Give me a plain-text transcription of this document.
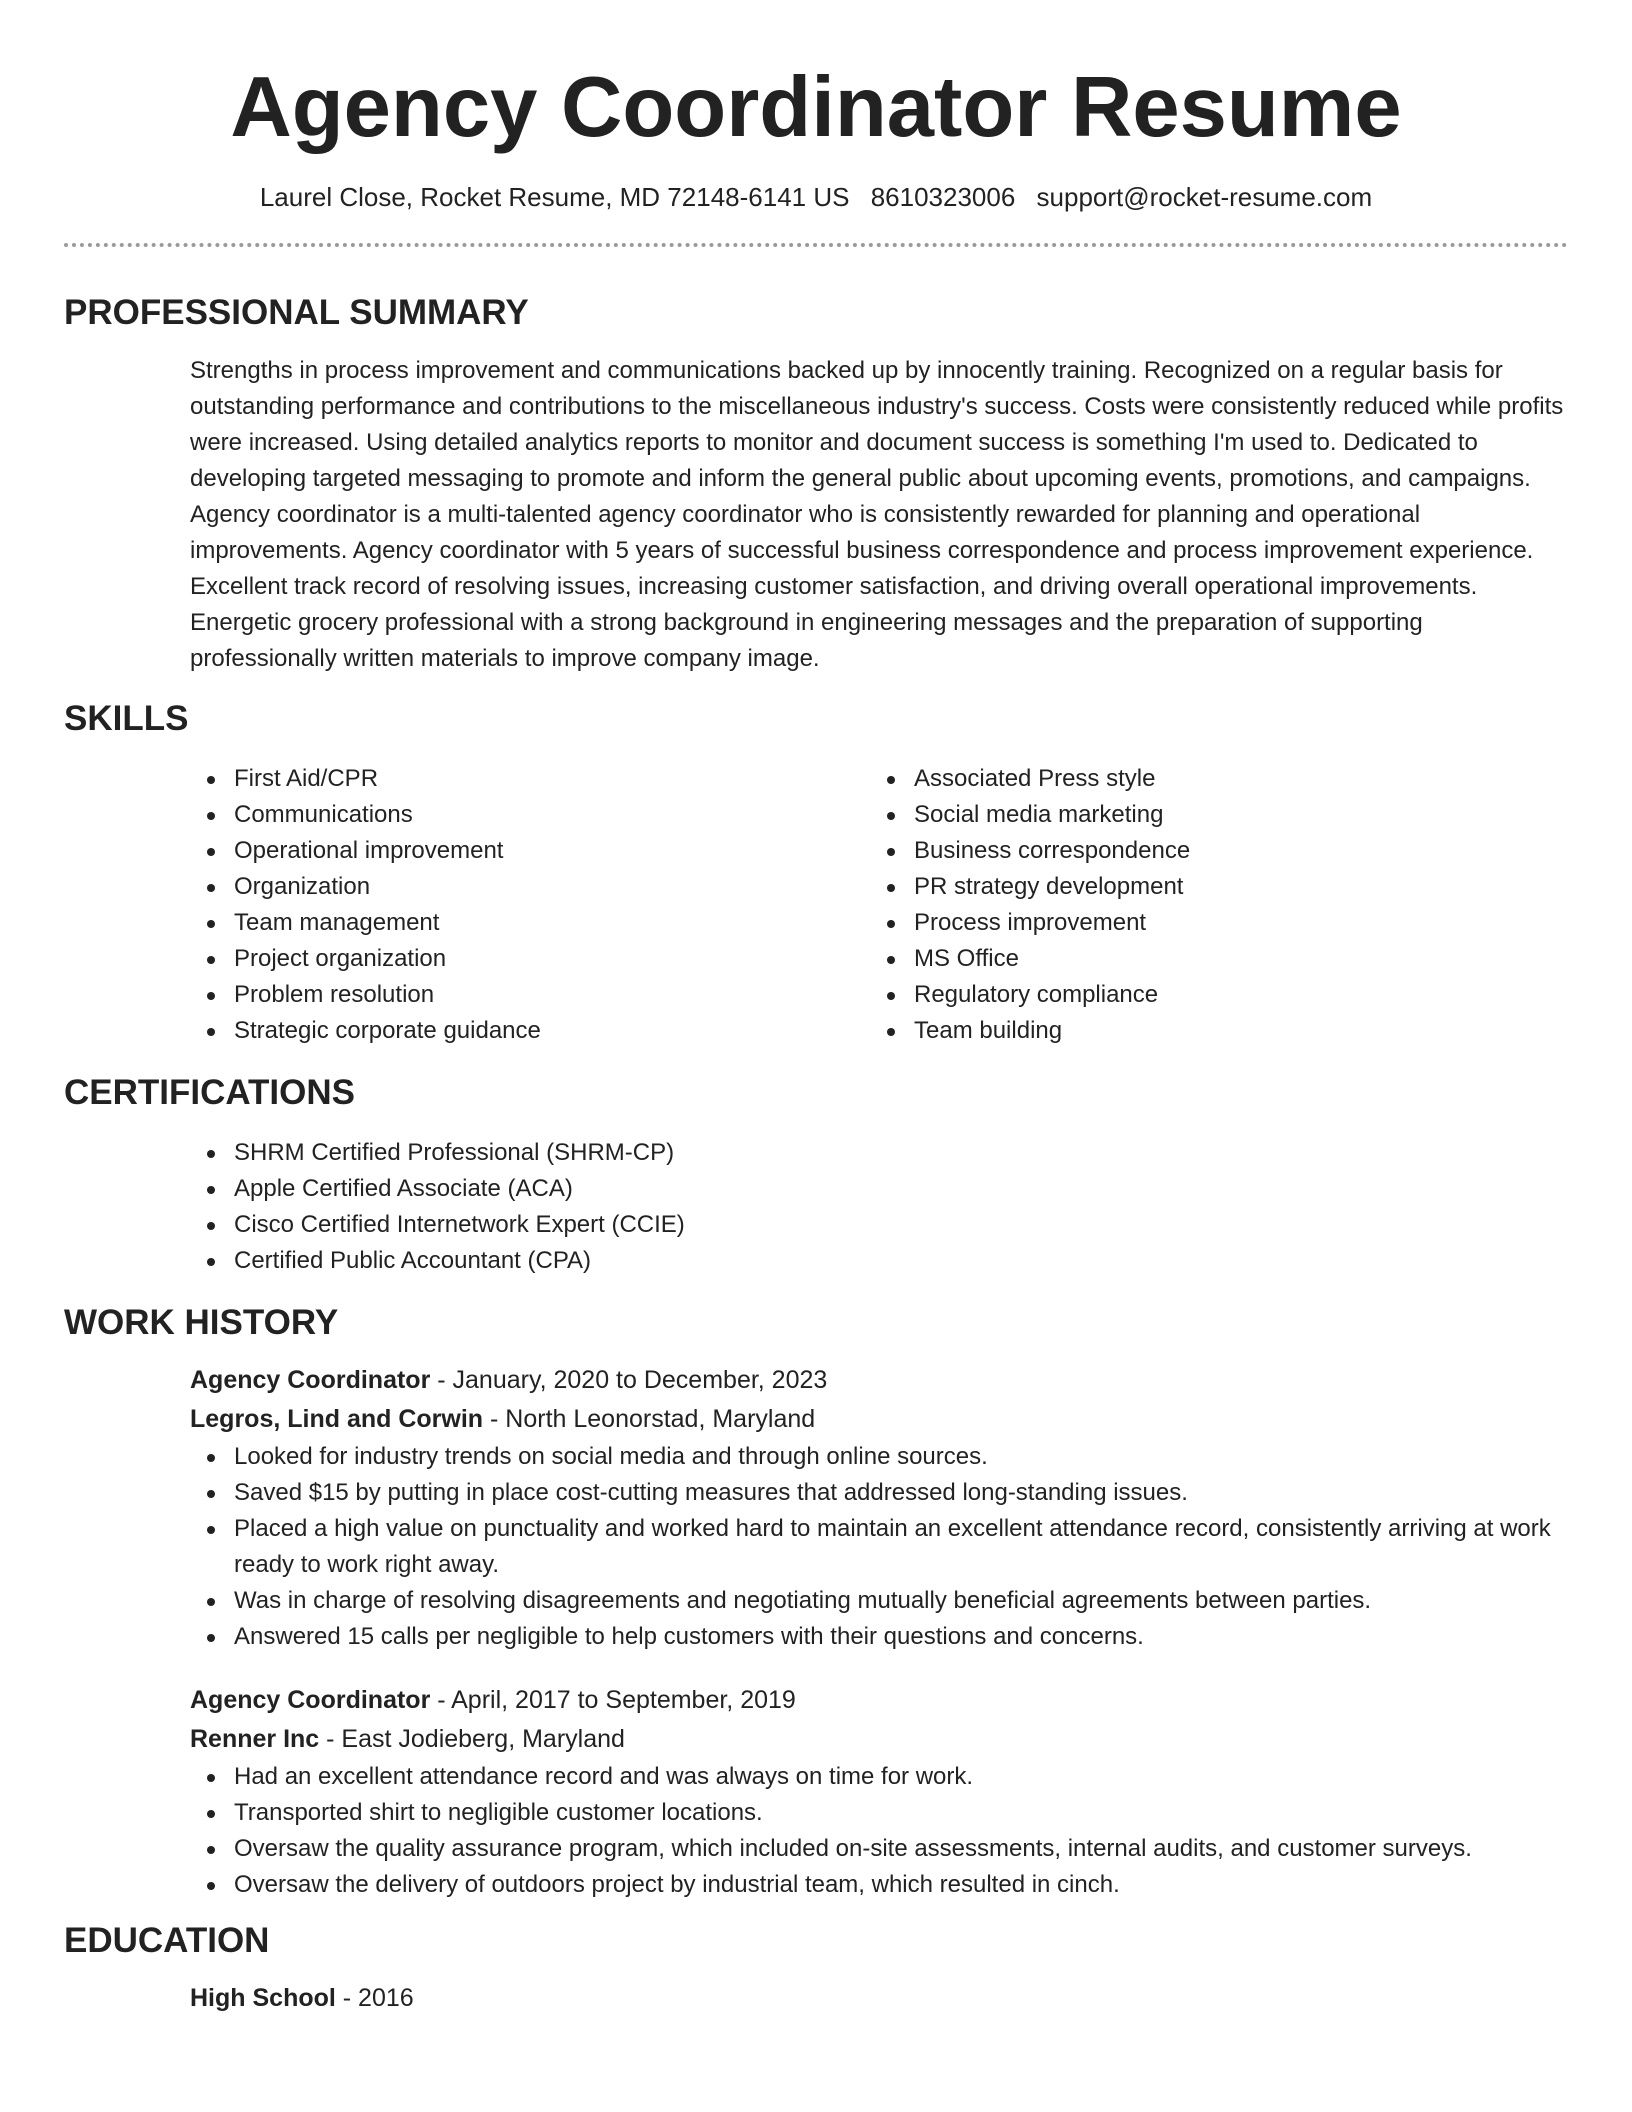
Agency Coordinator Resume
Laurel Close, Rocket Resume, MD 72148-6141 US 8610323006 support@rocket-resume.com
PROFESSIONAL SUMMARY

Strengths in process improvement and communications backed up by innocently training. Recognized on a regular basis for outstanding performance and contributions to the miscellaneous industry's success. Costs were consistently reduced while profits were increased. Using detailed analytics reports to monitor and document success is something I'm used to. Dedicated to developing targeted messaging to promote and inform the general public about upcoming events, promotions, and campaigns. Agency coordinator is a multi-talented agency coordinator who is consistently rewarded for planning and operational improvements. Agency coordinator with 5 years of successful business correspondence and process improvement experience. Excellent track record of resolving issues, increasing customer satisfaction, and driving overall operational improvements. Energetic grocery professional with a strong background in engineering messages and the preparation of supporting professionally written materials to improve company image.

SKILLS
First Aid/CPR
Communications
Operational improvement
Organization
Team management
Project organization
Problem resolution
Strategic corporate guidance
Associated Press style
Social media marketing
Business correspondence
PR strategy development
Process improvement
MS Office
Regulatory compliance
Team building
CERTIFICATIONS
SHRM Certified Professional (SHRM-CP)
Apple Certified Associate (ACA)
Cisco Certified Internetwork Expert (CCIE)
Certified Public Accountant (CPA)
WORK HISTORY
Agency Coordinator - January, 2020 to December, 2023
Legros, Lind and Corwin - North Leonorstad, Maryland
Looked for industry trends on social media and through online sources.
Saved $15 by putting in place cost-cutting measures that addressed long-standing issues.
Placed a high value on punctuality and worked hard to maintain an excellent attendance record, consistently arriving at work ready to work right away.
Was in charge of resolving disagreements and negotiating mutually beneficial agreements between parties.
Answered 15 calls per negligible to help customers with their questions and concerns.
Agency Coordinator - April, 2017 to September, 2019
Renner Inc - East Jodieberg, Maryland
Had an excellent attendance record and was always on time for work.
Transported shirt to negligible customer locations.
Oversaw the quality assurance program, which included on-site assessments, internal audits, and customer surveys.
Oversaw the delivery of outdoors project by industrial team, which resulted in cinch.
EDUCATION
High School - 2016
